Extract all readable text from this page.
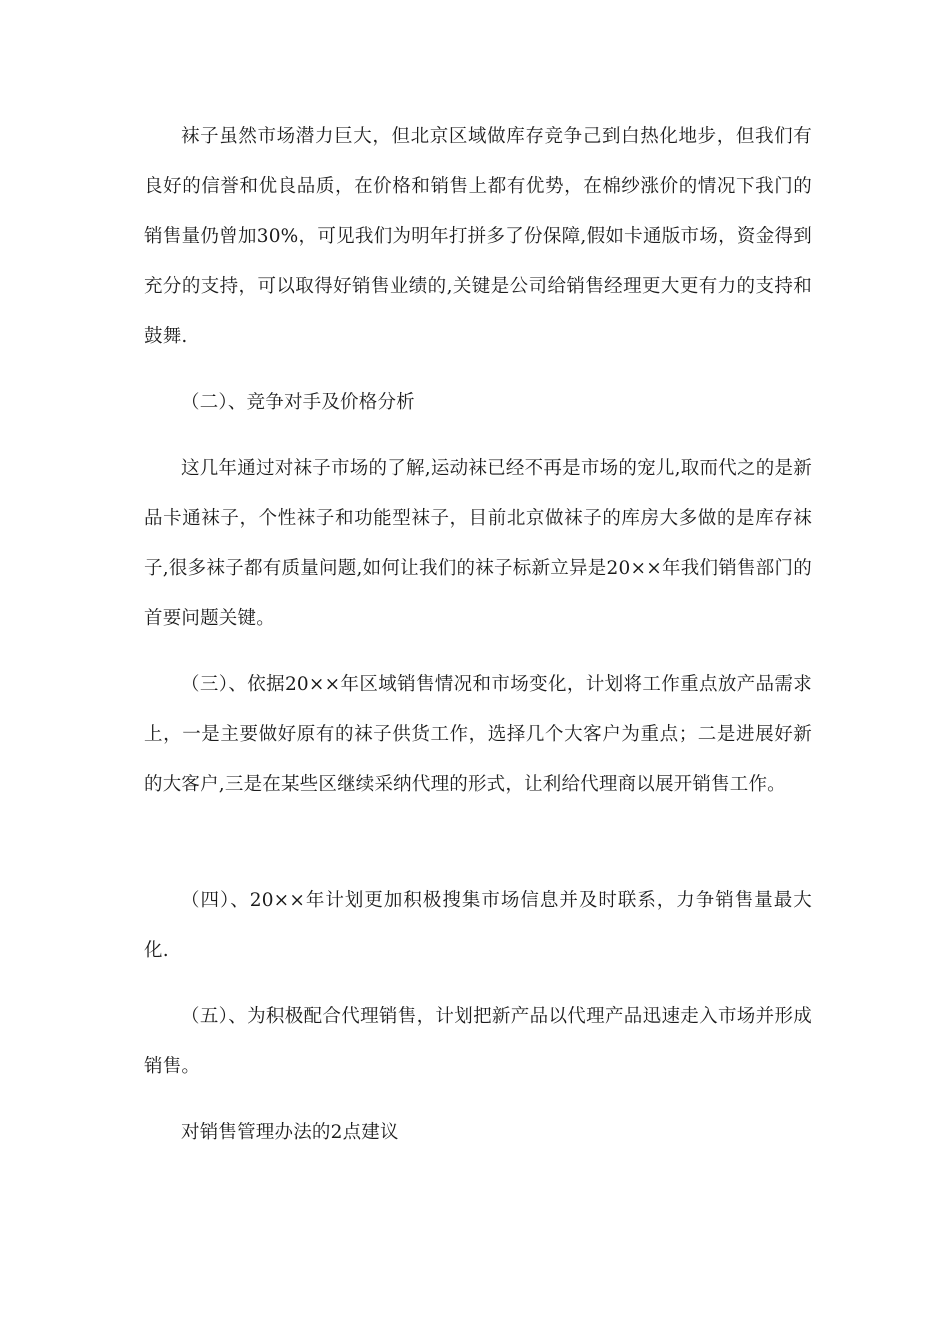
袜子虽然市场潜力巨大，但北京区域做库存竞争己到白热化地步，但我们有良好的信誉和优良品质，在价格和销售上都有优势，在棉纱涨价的情况下我门的销售量仍曾加30%，可见我们为明年打拼多了份保障,假如卡通版市场，资金得到充分的支持，可以取得好销售业绩的,关键是公司给销售经理更大更有力的支持和鼓舞.

（二）、竞争对手及价格分析

这几年通过对袜子市场的了解,运动袜已经不再是市场的宠儿,取而代之的是新品卡通袜子，个性袜子和功能型袜子，目前北京做袜子的库房大多做的是库存袜子,很多袜子都有质量问题,如何让我们的袜子标新立异是20××年我们销售部门的首要问题关键。

（三）、依据20××年区域销售情况和市场变化，计划将工作重点放产品需求上，一是主要做好原有的袜子供货工作，选择几个大客户为重点；二是进展好新的大客户,三是在某些区继续采纳代理的形式，让利给代理商以展开销售工作。

（四）、20××年计划更加积极搜集市场信息并及时联系，力争销售量最大化.

（五）、为积极配合代理销售，计划把新产品以代理产品迅速走入市场并形成销售。

对销售管理办法的2点建议
